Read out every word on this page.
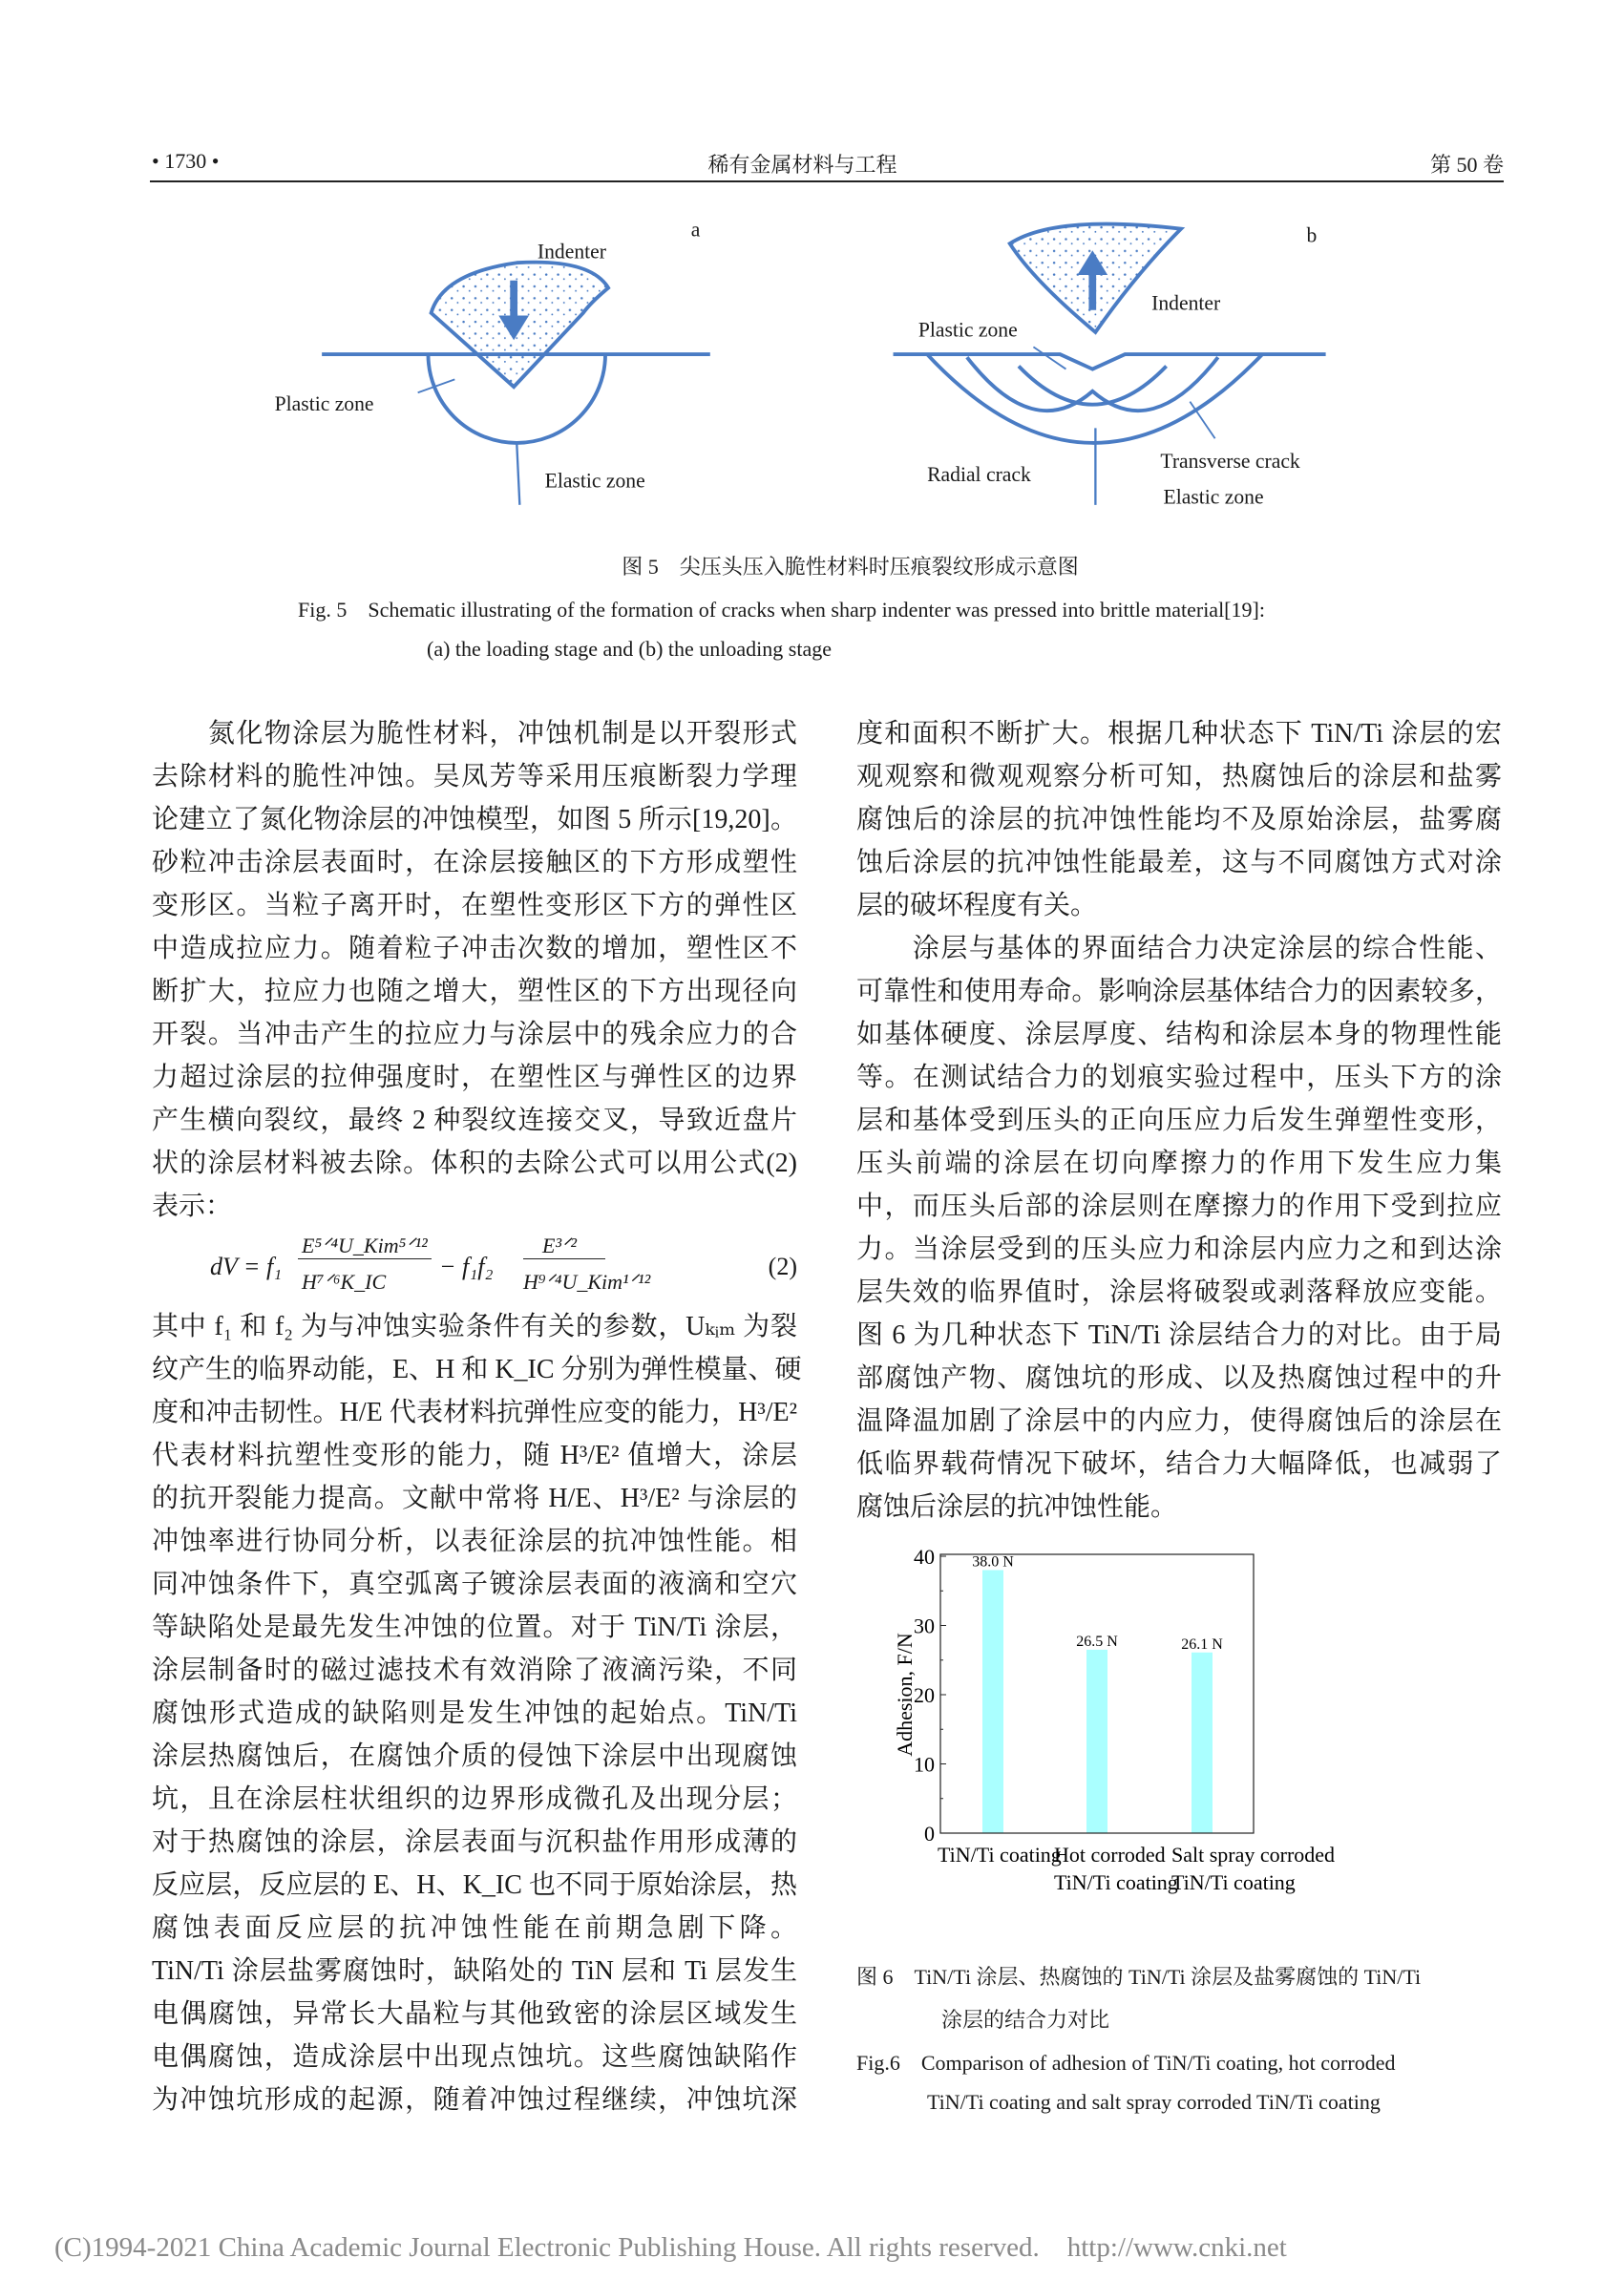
• 1730 •	稀有金属材料与工程	第 50 卷
Indenter
a
Plastic zone
Elastic zone
b
Indenter
Plastic zone
Radial crack
Transverse crack
Elastic zone
图 5　尖压头压入脆性材料时压痕裂纹形成示意图
Fig. 5　Schematic illustrating of the formation of cracks when sharp indenter was pressed into brittle material[19]:
(a) the loading stage and (b) the unloading stage
　　氮化物涂层为脆性材料，冲蚀机制是以开裂形式
去除材料的脆性冲蚀。吴凤芳等采用压痕断裂力学理
论建立了氮化物涂层的冲蚀模型，如图 5 所示[19,20]。
砂粒冲击涂层表面时，在涂层接触区的下方形成塑性
变形区。当粒子离开时，在塑性变形区下方的弹性区
中造成拉应力。随着粒子冲击次数的增加，塑性区不
断扩大，拉应力也随之增大，塑性区的下方出现径向
开裂。当冲击产生的拉应力与涂层中的残余应力的合
力超过涂层的拉伸强度时，在塑性区与弹性区的边界
产生横向裂纹，最终 2 种裂纹连接交叉，导致近盘片
状的涂层材料被去除。体积的去除公式可以用公式(2)
表示：
dV = f₁
E⁵ᐟ⁴U_Kim⁵ᐟ¹²
H⁷ᐟ⁶K_IC
− f₁f₂
E³ᐟ²
H⁹ᐟ⁴U_Kim¹ᐟ¹²
(2)
其中 f₁ 和 f₂ 为与冲蚀实验条件有关的参数，Uₖᵢₘ 为裂
纹产生的临界动能，E、H 和 K_IC 分别为弹性模量、硬
度和冲击韧性。H/E 代表材料抗弹性应变的能力，H³/E²
代表材料抗塑性变形的能力，随 H³/E² 值增大，涂层
的抗开裂能力提高。文献中常将 H/E、H³/E² 与涂层的
冲蚀率进行协同分析，以表征涂层的抗冲蚀性能。相
同冲蚀条件下，真空弧离子镀涂层表面的液滴和空穴
等缺陷处是最先发生冲蚀的位置。对于 TiN/Ti 涂层，
涂层制备时的磁过滤技术有效消除了液滴污染，不同
腐蚀形式造成的缺陷则是发生冲蚀的起始点。TiN/Ti
涂层热腐蚀后，在腐蚀介质的侵蚀下涂层中出现腐蚀
坑，且在涂层柱状组织的边界形成微孔及出现分层；
对于热腐蚀的涂层，涂层表面与沉积盐作用形成薄的
反应层，反应层的 E、H、K_IC 也不同于原始涂层，热
腐蚀表面反应层的抗冲蚀性能在前期急剧下降。
TiN/Ti 涂层盐雾腐蚀时，缺陷处的 TiN 层和 Ti 层发生
电偶腐蚀，异常长大晶粒与其他致密的涂层区域发生
电偶腐蚀，造成涂层中出现点蚀坑。这些腐蚀缺陷作
为冲蚀坑形成的起源，随着冲蚀过程继续，冲蚀坑深
度和面积不断扩大。根据几种状态下 TiN/Ti 涂层的宏
观观察和微观观察分析可知，热腐蚀后的涂层和盐雾
腐蚀后的涂层的抗冲蚀性能均不及原始涂层，盐雾腐
蚀后涂层的抗冲蚀性能最差，这与不同腐蚀方式对涂
层的破坏程度有关。
　　涂层与基体的界面结合力决定涂层的综合性能、
可靠性和使用寿命。影响涂层基体结合力的因素较多，
如基体硬度、涂层厚度、结构和涂层本身的物理性能
等。在测试结合力的划痕实验过程中，压头下方的涂
层和基体受到压头的正向压应力后发生弹塑性变形，
压头前端的涂层在切向摩擦力的作用下发生应力集
中，而压头后部的涂层则在摩擦力的作用下受到拉应
力。当涂层受到的压头应力和涂层内应力之和到达涂
层失效的临界值时，涂层将破裂或剥落释放应变能。
图 6 为几种状态下 TiN/Ti 涂层结合力的对比。由于局
部腐蚀产物、腐蚀坑的形成、以及热腐蚀过程中的升
温降温加剧了涂层中的内应力，使得腐蚀后的涂层在
低临界载荷情况下破坏，结合力大幅降低，也减弱了
腐蚀后涂层的抗冲蚀性能。
38.0 N
26.5 N	26.1 N
0
10
20
30
40
Adhesion, F/N
TiN/Ti coating
Hot corroded
TiN/Ti coating
Salt spray corroded
TiN/Ti coating
图 6　TiN/Ti 涂层、热腐蚀的 TiN/Ti 涂层及盐雾腐蚀的 TiN/Ti
涂层的结合力对比
Fig.6　Comparison of adhesion of TiN/Ti coating, hot corroded
TiN/Ti coating and salt spray corroded TiN/Ti coating
(C)1994-2021 China Academic Journal Electronic Publishing House. All rights reserved. http://www.cnki.net
